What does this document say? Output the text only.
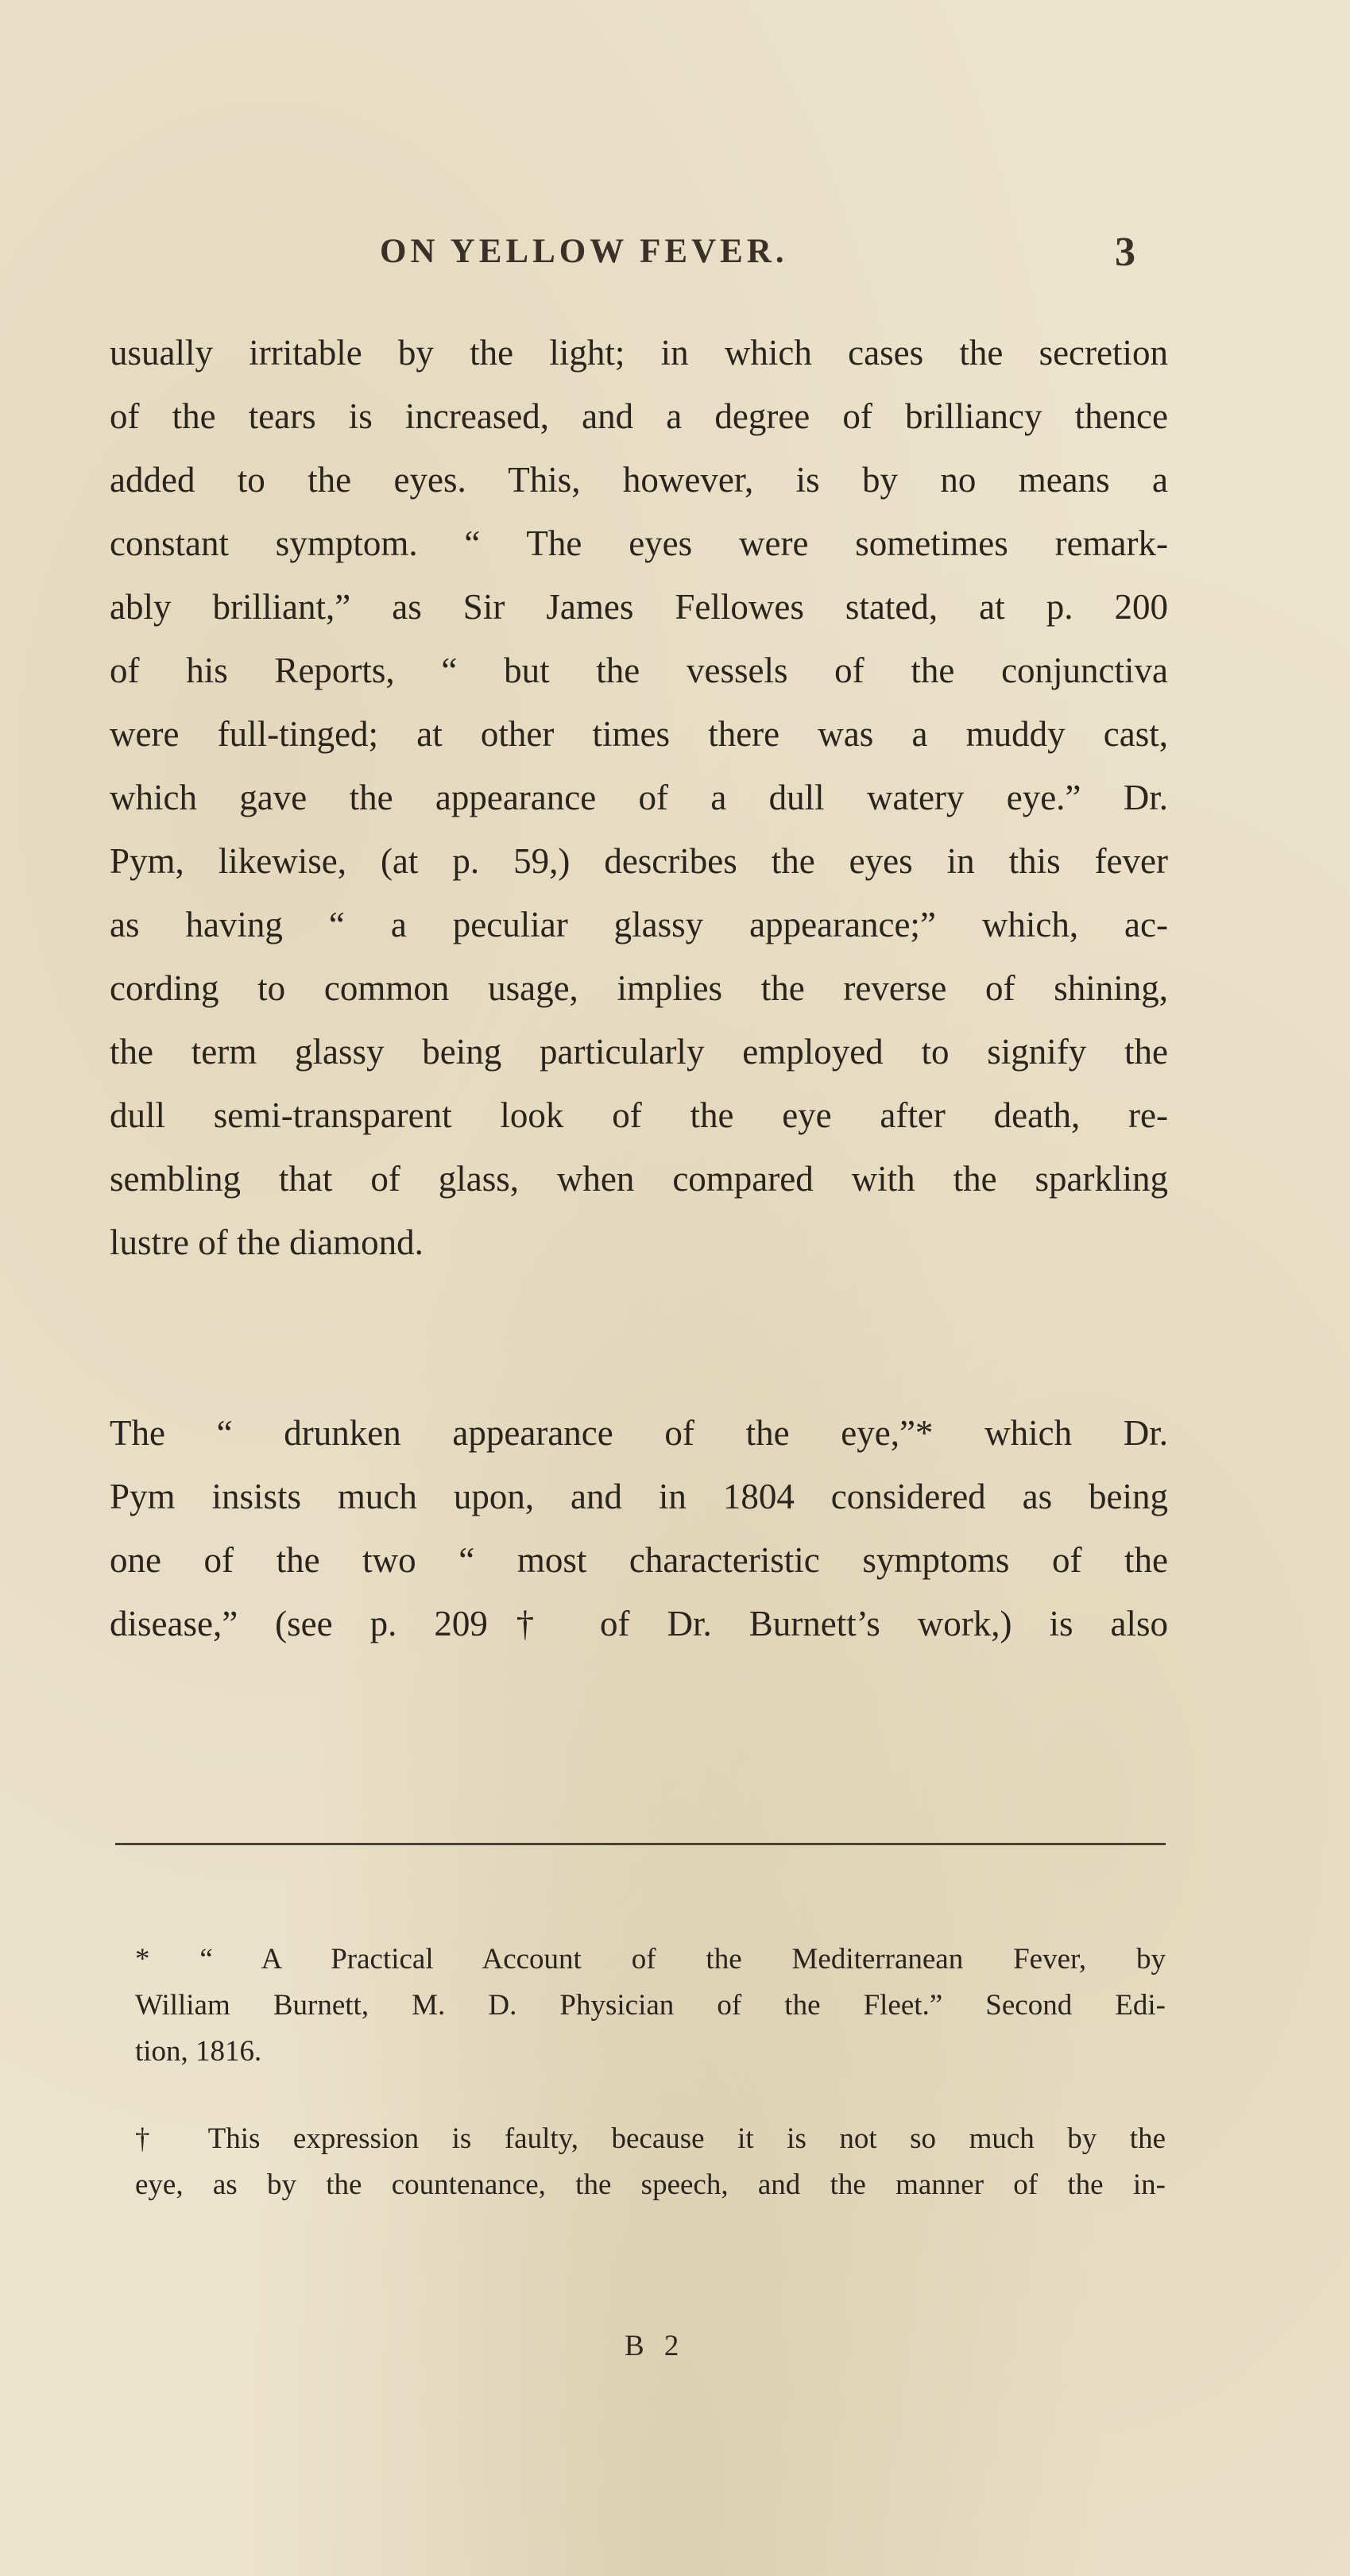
ON YELLOW FEVER.	3
usually irritable by the light; in which cases the secretion
of the tears is increased, and a degree of brilliancy thence
added to the eyes. This, however, is by no means a
constant symptom. “ The eyes were sometimes remark-
ably brilliant,” as Sir James Fellowes stated, at p. 200
of his Reports, “ but the vessels of the conjunctiva
were full-tinged; at other times there was a muddy cast,
which gave the appearance of a dull watery eye.” Dr.
Pym, likewise, (at p. 59,) describes the eyes in this fever
as having “ a peculiar glassy appearance;” which, ac-
cording to common usage, implies the reverse of shining,
the term glassy being particularly employed to signify the
dull semi-transparent look of the eye after death, re-
sembling that of glass, when compared with the sparkling
lustre of the diamond.
The “ drunken appearance of the eye,”* which Dr.
Pym insists much upon, and in 1804 considered as being
one of the two “ most characteristic symptoms of the
disease,” (see p. 209† of Dr. Burnett’s work,) is also
* “ A Practical Account of the Mediterranean Fever, by
William Burnett, M. D. Physician of the Fleet.” Second Edi-
tion, 1816.
† This expression is faulty, because it is not so much by the
eye, as by the countenance, the speech, and the manner of the in-
B 2
